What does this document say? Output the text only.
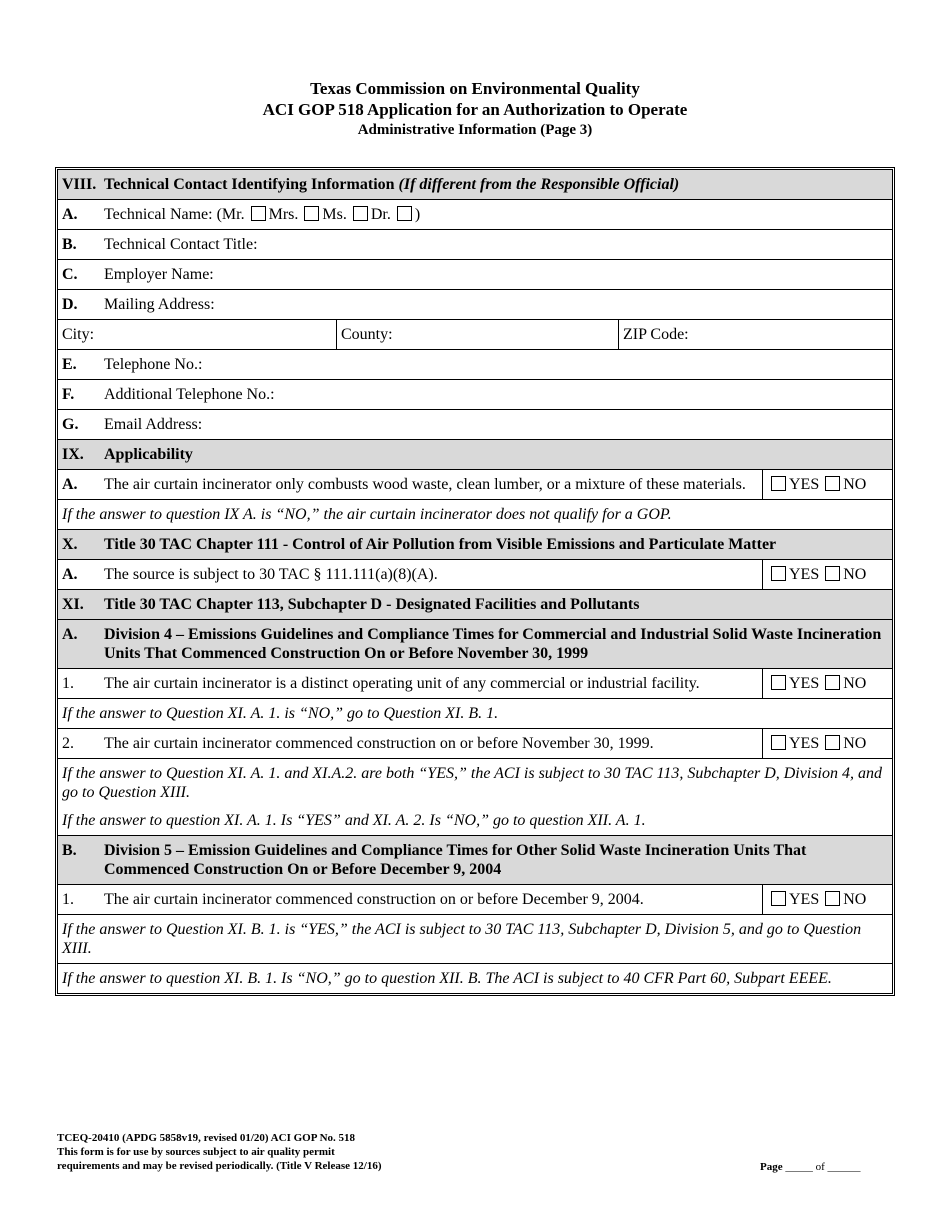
Texas Commission on Environmental Quality
ACI GOP 518 Application for an Authorization to Operate
Administrative Information (Page 3)
VIII. Technical Contact Identifying Information (If different from the Responsible Official)
A.	Technical Name: (Mr. Mrs. Ms. Dr. )
B.	Technical Contact Title:
C.	Employer Name:
D.	Mailing Address:
City:	County:	ZIP Code:
E.	Telephone No.:
F.	Additional Telephone No.:
G.	Email Address:
IX.	Applicability
A.	The air curtain incinerator only combusts wood waste, clean lumber, or a mixture of these materials.	YES NO
If the answer to question IX A. is “NO,” the air curtain incinerator does not qualify for a GOP.
X.	Title 30 TAC Chapter 111 - Control of Air Pollution from Visible Emissions and Particulate Matter
A.	The source is subject to 30 TAC § 111.111(a)(8)(A).	YES NO
XI.	Title 30 TAC Chapter 113, Subchapter D - Designated Facilities and Pollutants
A.	Division 4 – Emissions Guidelines and Compliance Times for Commercial and Industrial Solid Waste Incineration Units That Commenced Construction On or Before November 30, 1999
1.	The air curtain incinerator is a distinct operating unit of any commercial or industrial facility.	YES NO
If the answer to Question XI. A. 1. is “NO,” go to Question XI. B. 1.
2.	The air curtain incinerator commenced construction on or before November 30, 1999.	YES NO
If the answer to Question XI. A. 1. and XI.A.2. are both “YES,” the ACI is subject to 30 TAC 113, Subchapter D, Division 4, and go to Question XIII.
If the answer to question XI. A. 1. Is “YES” and XI. A. 2. Is “NO,” go to question XII. A. 1.
B.	Division 5 – Emission Guidelines and Compliance Times for Other Solid Waste Incineration Units That Commenced Construction On or Before December 9, 2004
1.	The air curtain incinerator commenced construction on or before December 9, 2004.	YES NO
If the answer to Question XI. B. 1. is “YES,” the ACI is subject to 30 TAC 113, Subchapter D, Division 5, and go to Question XIII.
If the answer to question XI. B. 1. Is “NO,” go to question XII. B. The ACI is subject to 40 CFR Part 60, Subpart EEEE.
TCEQ-20410 (APDG 5858v19, revised 01/20) ACI GOP No. 518
This form is for use by sources subject to air quality permit
requirements and may be revised periodically. (Title V Release 12/16)	Page _____ of ______
